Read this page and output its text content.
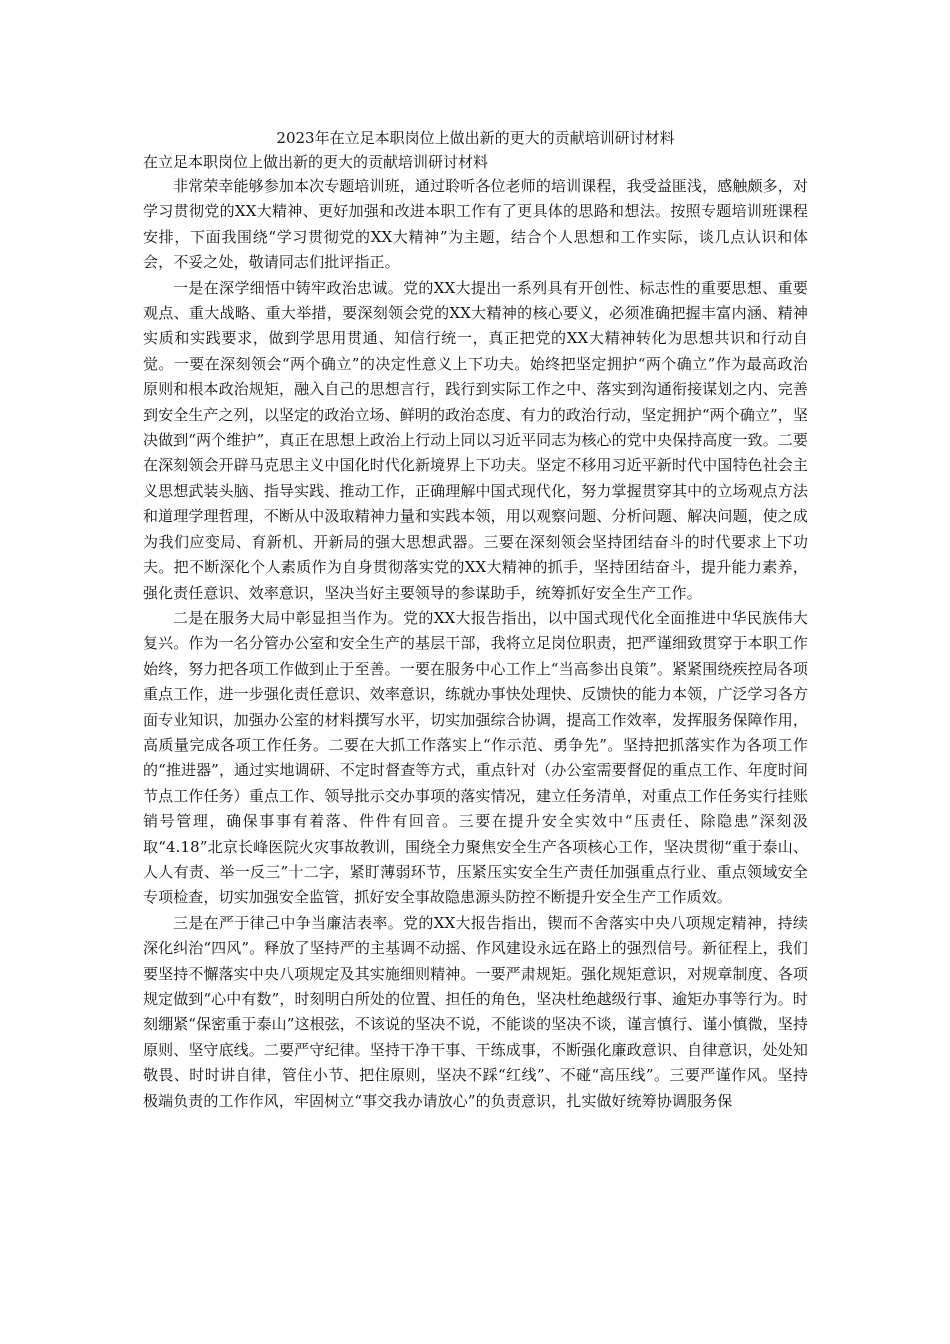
2023年在立足本职岗位上做出新的更大的贡献培训研讨材料
在立足本职岗位上做出新的更大的贡献培训研讨材料

非常荣幸能够参加本次专题培训班，通过聆听各位老师的培训课程，我受益匪浅，感触颇多，对学习贯彻党的XX大精神、更好加强和改进本职工作有了更具体的思路和想法。按照专题培训班课程安排，下面我围绕“学习贯彻党的XX大精神”为主题，结合个人思想和工作实际，谈几点认识和体会，不妥之处，敬请同志们批评指正。

一是在深学细悟中铸牢政治忠诚。党的XX大提出一系列具有开创性、标志性的重要思想、重要观点、重大战略、重大举措，要深刻领会党的XX大精神的核心要义，必须准确把握丰富内涵、精神实质和实践要求，做到学思用贯通、知信行统一，真正把党的XX大精神转化为思想共识和行动自觉。一要在深刻领会“两个确立”的决定性意义上下功夫。始终把坚定拥护“两个确立”作为最高政治原则和根本政治规矩，融入自己的思想言行，践行到实际工作之中、落实到沟通衔接谋划之内、完善到安全生产之列，以坚定的政治立场、鲜明的政治态度、有力的政治行动，坚定拥护“两个确立”，坚决做到“两个维护”，真正在思想上政治上行动上同以习近平同志为核心的党中央保持高度一致。二要在深刻领会开辟马克思主义中国化时代化新境界上下功夫。坚定不移用习近平新时代中国特色社会主义思想武装头脑、指导实践、推动工作，正确理解中国式现代化，努力掌握贯穿其中的立场观点方法和道理学理哲理，不断从中汲取精神力量和实践本领，用以观察问题、分析问题、解决问题，使之成为我们应变局、育新机、开新局的强大思想武器。三要在深刻领会坚持团结奋斗的时代要求上下功夫。把不断深化个人素质作为自身贯彻落实党的XX大精神的抓手，坚持团结奋斗，提升能力素养，强化责任意识、效率意识，坚决当好主要领导的参谋助手，统筹抓好安全生产工作。

二是在服务大局中彰显担当作为。党的XX大报告指出，以中国式现代化全面推进中华民族伟大复兴。作为一名分管办公室和安全生产的基层干部，我将立足岗位职责，把严谨细致贯穿于本职工作始终，努力把各项工作做到止于至善。一要在服务中心工作上“当高参出良策”。紧紧围绕疾控局各项重点工作，进一步强化责任意识、效率意识，练就办事快处理快、反馈快的能力本领，广泛学习各方面专业知识，加强办公室的材料撰写水平，切实加强综合协调，提高工作效率，发挥服务保障作用，高质量完成各项工作任务。二要在大抓工作落实上“作示范、勇争先”。坚持把抓落实作为各项工作的“推进器”，通过实地调研、不定时督查等方式，重点针对（办公室需要督促的重点工作、年度时间节点工作任务）重点工作、领导批示交办事项的落实情况，建立任务清单，对重点工作任务实行挂账销号管理，确保事事有着落、件件有回音。三要在提升安全实效中“压责任、除隐患”深刻汲取“4.18”北京长峰医院火灾事故教训，围绕全力聚焦安全生产各项核心工作，坚决贯彻“重于泰山、人人有责、举一反三”十二字，紧盯薄弱环节，压紧压实安全生产责任加强重点行业、重点领域安全专项检查，切实加强安全监管，抓好安全事故隐患源头防控不断提升安全生产工作质效。

三是在严于律己中争当廉洁表率。党的XX大报告指出，锲而不舍落实中央八项规定精神，持续深化纠治“四风”。释放了坚持严的主基调不动摇、作风建设永远在路上的强烈信号。新征程上，我们要坚持不懈落实中央八项规定及其实施细则精神。一要严肃规矩。强化规矩意识，对规章制度、各项规定做到“心中有数”，时刻明白所处的位置、担任的角色，坚决杜绝越级行事、逾矩办事等行为。时刻绷紧“保密重于泰山”这根弦，不该说的坚决不说，不能谈的坚决不谈，谨言慎行、谨小慎微，坚持原则、坚守底线。二要严守纪律。坚持干净干事、干练成事，不断强化廉政意识、自律意识，处处知敬畏、时时讲自律，管住小节、把住原则，坚决不踩“红线”、不碰“高压线”。三要严谨作风。坚持极端负责的工作作风，牢固树立“事交我办请放心”的负责意识，扎实做好统筹协调服务保
